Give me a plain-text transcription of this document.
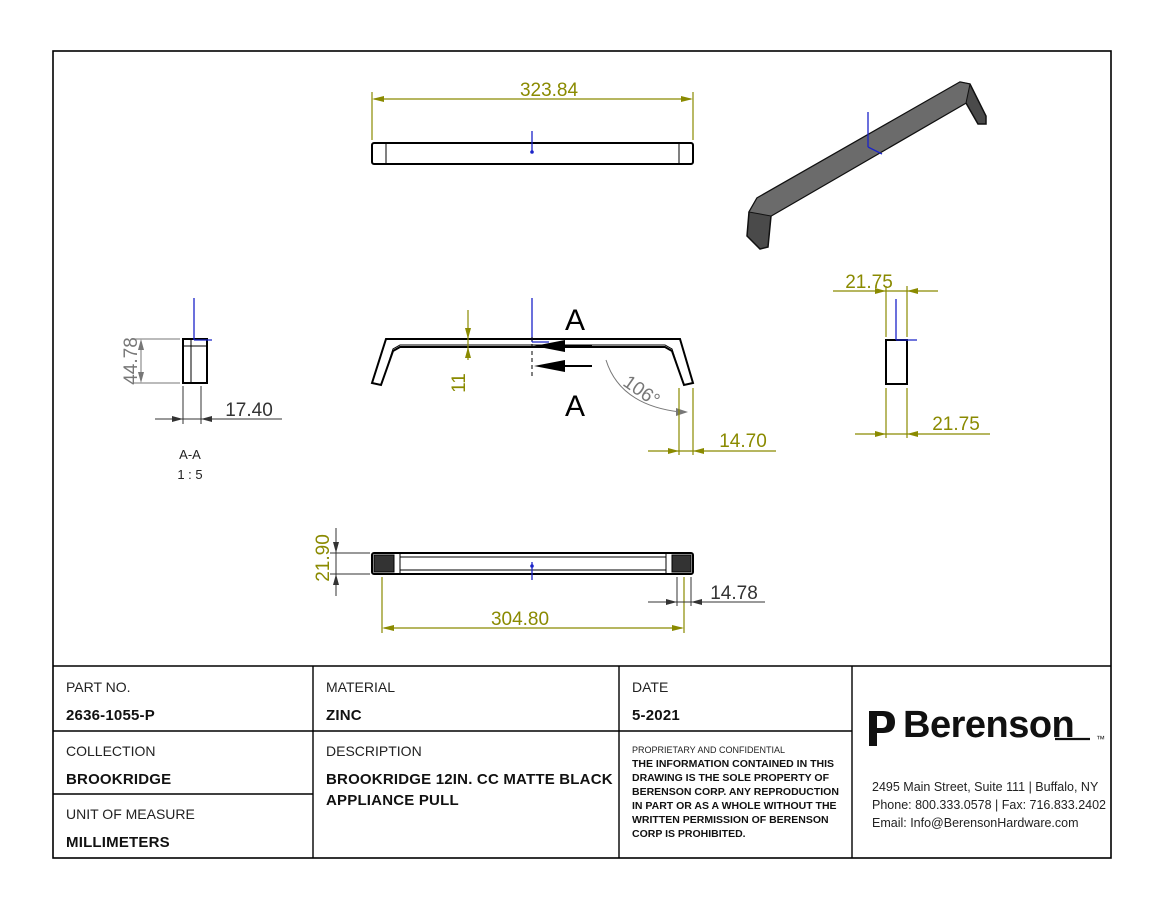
323.84
44.78
17.40
A-A
1 : 5
A
A
11	106°
14.70
21.75
21.75
21.90
304.80
14.78
PART NO.
2636-1055-P
MATERIAL
ZINC
DATE
5-2021
COLLECTION
BROOKRIDGE
DESCRIPTION
BROOKRIDGE 12IN. CC MATTE BLACK
APPLIANCE PULL
UNIT OF MEASURE
MILLIMETERS
PROPRIETARY AND CONFIDENTIAL
THE INFORMATION CONTAINED IN THIS DRAWING IS THE SOLE PROPERTY OF BERENSON CORP. ANY REPRODUCTION IN PART OR AS A WHOLE WITHOUT THE WRITTEN PERMISSION OF BERENSON CORP IS PROHIBITED.
Berenson ™
2495 Main Street, Suite 111 | Buffalo, NY
Phone: 800.333.0578 | Fax: 716.833.2402
Email: Info@BerensonHardware.com
